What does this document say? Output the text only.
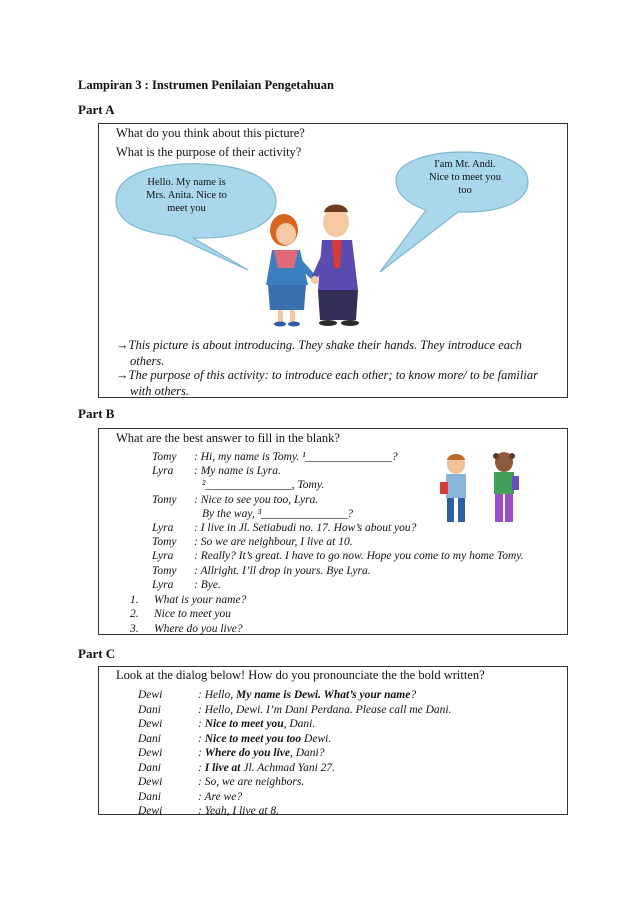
Lampiran 3 : Instrumen Penilaian Pengetahuan
Part A
What do you think about this picture?
What is the purpose of their activity?
Hello. My name is
Mrs. Anita. Nice to
meet you
I'am Mr. Andi.
Nice to meet you
too
→This picture is about introducing. They shake their hands. They introduce each
others.
→The purpose of this activity: to introduce each other; to know more/ to be familiar
with others.
Part B
What are the best answer to fill in the blank?
Tomy : Hi, my name is Tomy. ¹_______________?
Lyra : My name is Lyra.
²_______________, Tomy.
Tomy : Nice to see you too, Lyra.
By the way, ³_______________?
Lyra : I live in Jl. Setiabudi no. 17. How’s about you?
Tomy : So we are neighbour, I live at 10.
Lyra : Really? It’s great. I have to go now. Hope you come to my home Tomy.
Tomy : Allright. I’ll drop in yours. Bye Lyra.
Lyra : Bye.
1. What is your name?
2. Nice to meet you
3. Where do you live?
Part C
Look at the dialog below! How do you pronounciate the the bold written?
Dewi	: Hello, My name is Dewi. What’s your name?
Dani	: Hello, Dewi. I’m Dani Perdana. Please call me Dani.
Dewi	: Nice to meet you, Dani.
Dani	: Nice to meet you too Dewi.
Dewi	: Where do you live, Dani?
Dani	: I live at Jl. Achmad Yani 27.
Dewi	: So, we are neighbors.
Dani	: Are we?
Dewi	: Yeah, I live at 8.
